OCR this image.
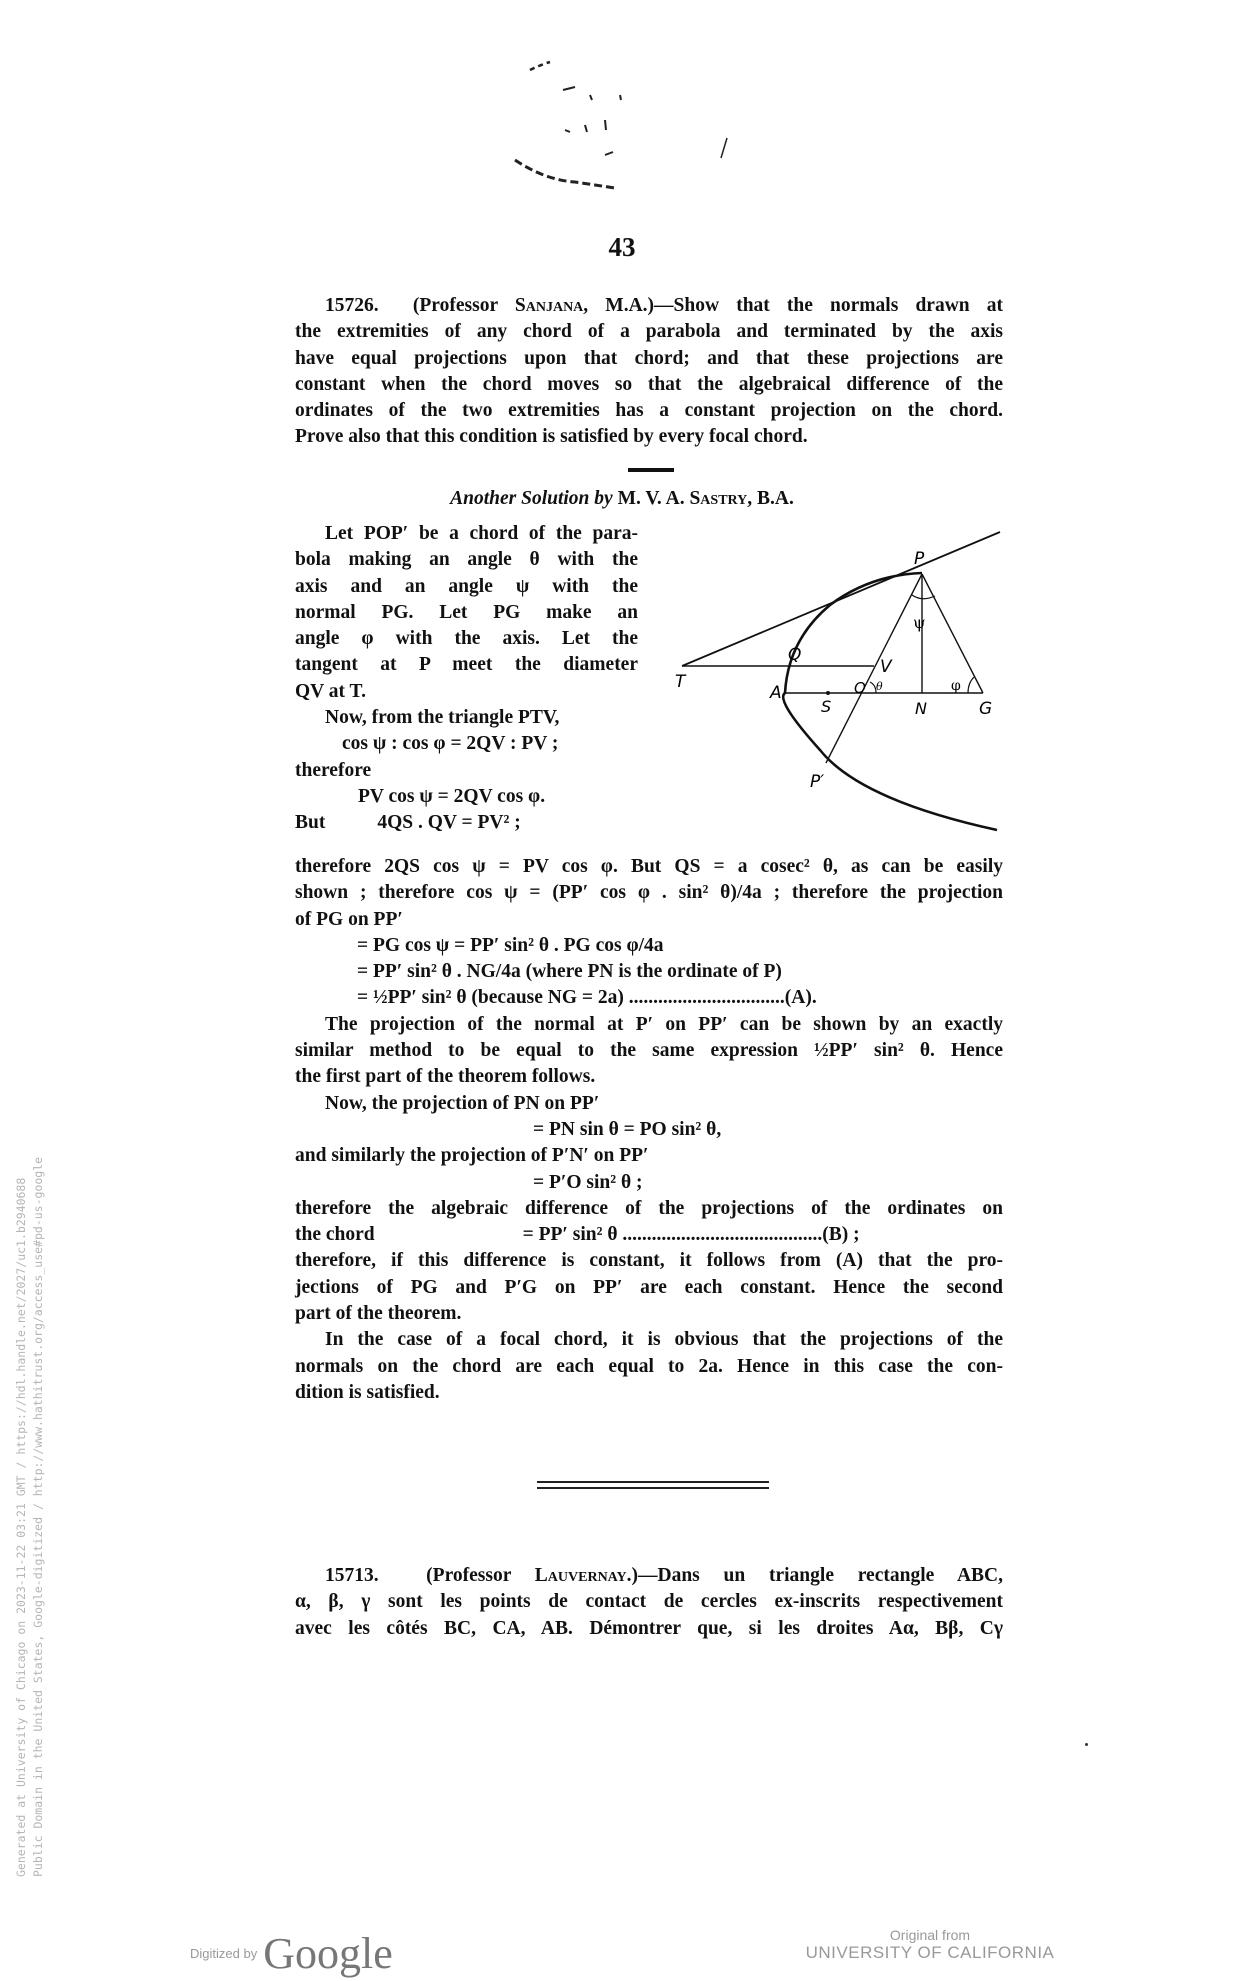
43
15726. (Professor Sanjana, M.A.)—Show that the normals drawn at
the extremities of any chord of a parabola and terminated by the axis
have equal projections upon that chord; and that these projections are
constant when the chord moves so that the algebraical difference of the
ordinates of the two extremities has a constant projection on the chord.
Prove also that this condition is satisfied by every focal chord.
Another Solution by M. V. A. Sastry, B.A.
Let POP′ be a chord of the para-
bola making an angle θ with the
axis and an angle ψ with the
normal PG. Let PG make an
angle φ with the axis. Let the
tangent at P meet the diameter
QV at T.
Now, from the triangle PTV,
cos ψ : cos φ = 2QV : PV ;
therefore
PV cos ψ = 2QV cos φ.
But	4QS . QV = PV² ;
P
Q
T
V
A	O
S	N	G
P′
ψ
θ	φ
therefore 2QS cos ψ = PV cos φ. But QS = a cosec² θ, as can be easily
shown ; therefore cos ψ = (PP′ cos φ . sin² θ)/4a ; therefore the projection
of PG on PP′
= PG cos ψ = PP′ sin² θ . PG cos φ/4a
= PP′ sin² θ . NG/4a (where PN is the ordinate of P)
= ½PP′ sin² θ (because NG = 2a) ................................(A).
The projection of the normal at P′ on PP′ can be shown by an exactly
similar method to be equal to the same expression ½PP′ sin² θ. Hence
the first part of the theorem follows.
Now, the projection of PN on PP′
= PN sin θ = PO sin² θ,
and similarly the projection of P′N′ on PP′
= P′O sin² θ ;
therefore the algebraic difference of the projections of the ordinates on
the chord	= PP′ sin² θ .........................................(B) ;
therefore, if this difference is constant, it follows from (A) that the pro-
jections of PG and P′G on PP′ are each constant. Hence the second
part of the theorem.
In the case of a focal chord, it is obvious that the projections of the
normals on the chord are each equal to 2a. Hence in this case the con-
dition is satisfied.
15713. (Professor Lauvernay.)—Dans un triangle rectangle ABC,
α, β, γ sont les points de contact de cercles ex-inscrits respectivement
avec les côtés BC, CA, AB. Démontrer que, si les droites Aα, Bβ, Cγ
Generated at University of Chicago on 2023-11-22 03:21 GMT / https://hdl.handle.net/2027/uc1.b2940688 Public Domain in the United States, Google-digitized / http://www.hathitrust.org/access_use#pd-us-google
Digitized by Google	Original from
UNIVERSITY OF CALIFORNIA
